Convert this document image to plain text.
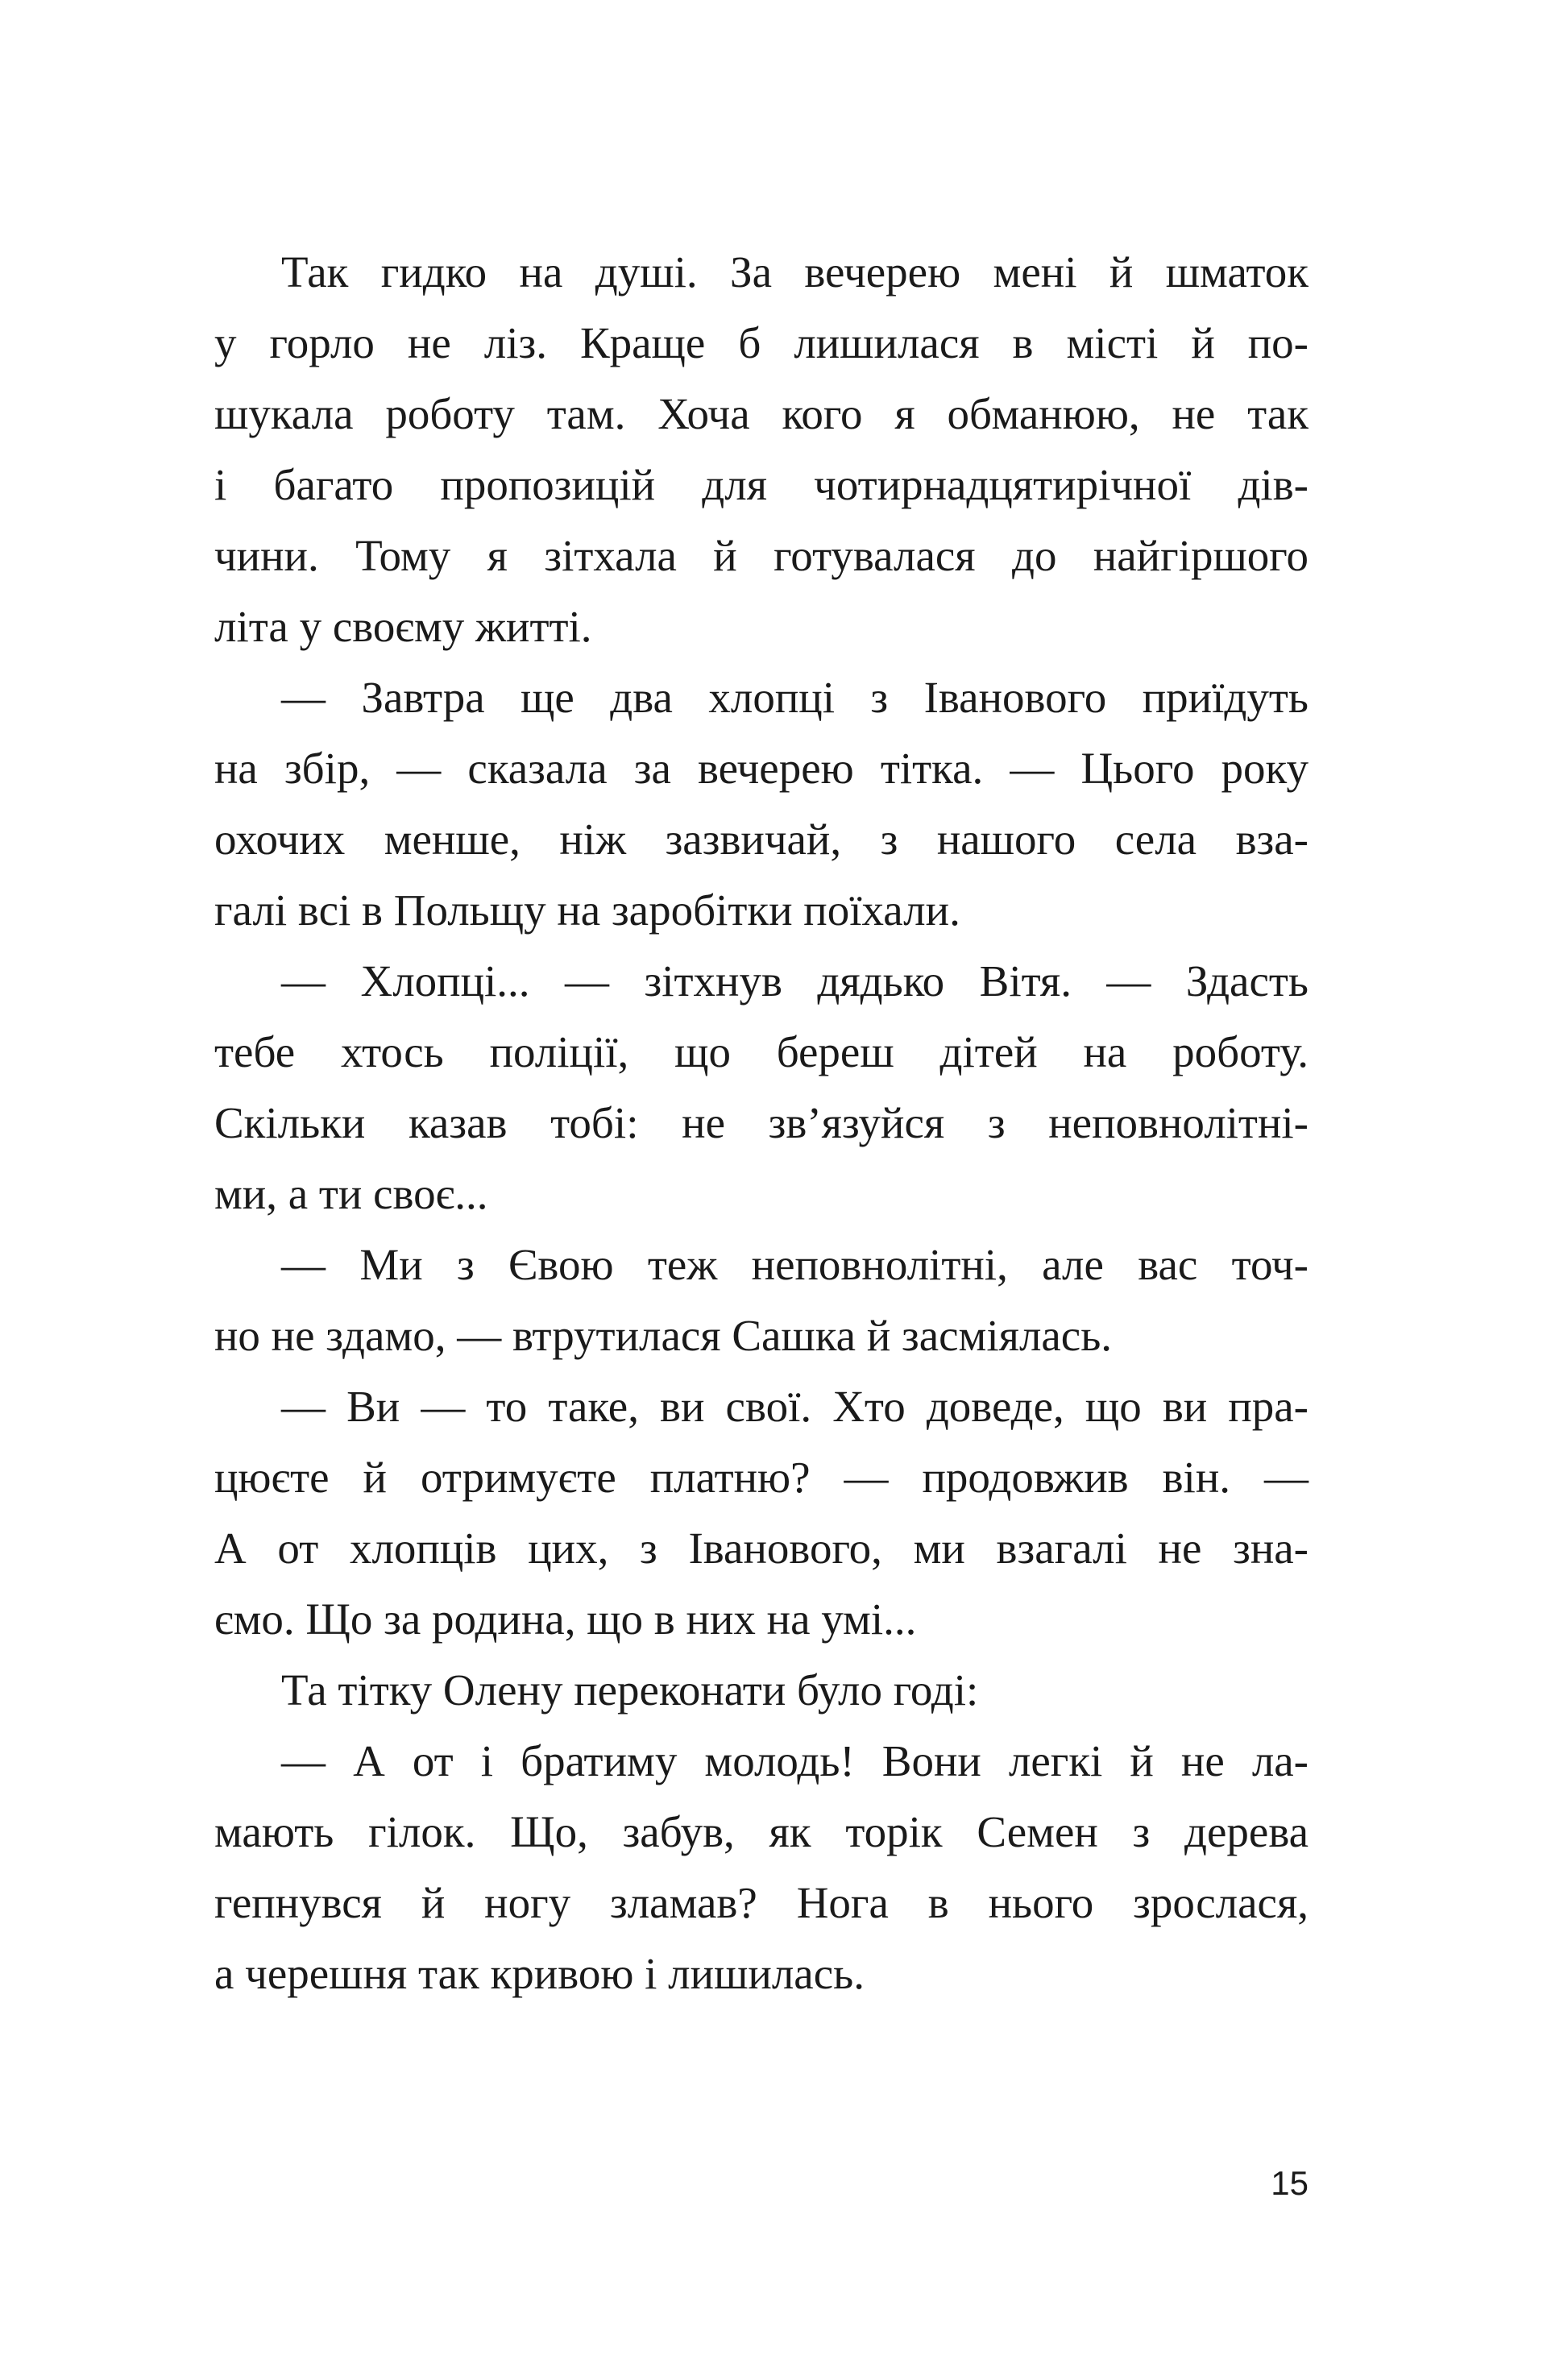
Так гидко на душі. За вечерею мені й шматок
у горло не ліз. Краще б лишилася в місті й по-
шукала роботу там. Хоча кого я обманюю, не так
і багато пропозицій для чотирнадцятирічної дів-
чини. Тому я зітхала й готувалася до найгіршого
літа у своєму житті.
— Завтра ще два хлопці з Іванового приїдуть
на збір, — сказала за вечерею тітка. — Цього року
охочих менше, ніж зазвичай, з нашого села вза-
галі всі в Польщу на заробітки поїхали.
— Хлопці... — зітхнув дядько Вітя. — Здасть
тебе хтось поліції, що береш дітей на роботу.
Скільки казав тобі: не зв’язуйся з неповнолітні-
ми, а ти своє...
— Ми з Євою теж неповнолітні, але вас точ-
но не здамо, — втрутилася Сашка й засміялась.
— Ви — то таке, ви свої. Хто доведе, що ви пра-
цюєте й отримуєте платню? — продовжив він. —
А от хлопців цих, з Іванового, ми взагалі не зна-
ємо. Що за родина, що в них на умі...
Та тітку Олену переконати було годі:
— А от і братиму молодь! Вони легкі й не ла-
мають гілок. Що, забув, як торік Семен з дерева
гепнувся й ногу зламав? Нога в нього зрослася,
а черешня так кривою і лишилась.
15
